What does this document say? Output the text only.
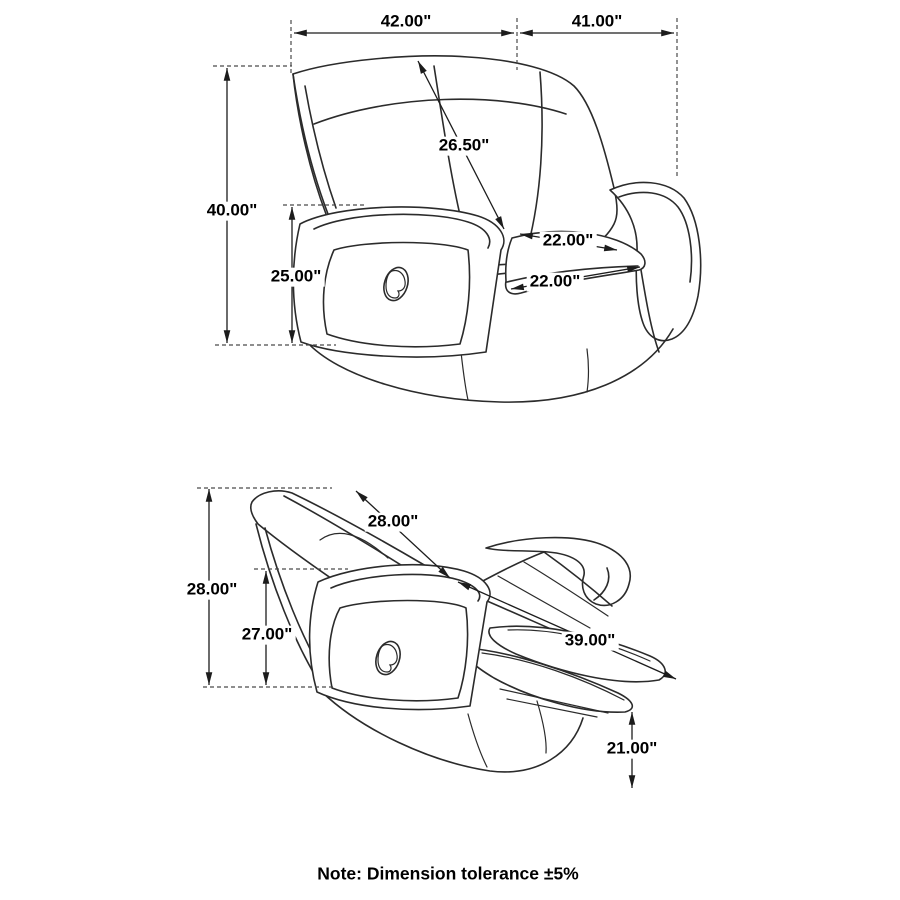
42.00"	41.00"
40.00"
26.50"
25.00"
22.00"
22.00"
28.00"
28.00"
27.00"	39.00"
21.00"
Note: Dimension tolerance ±5%
